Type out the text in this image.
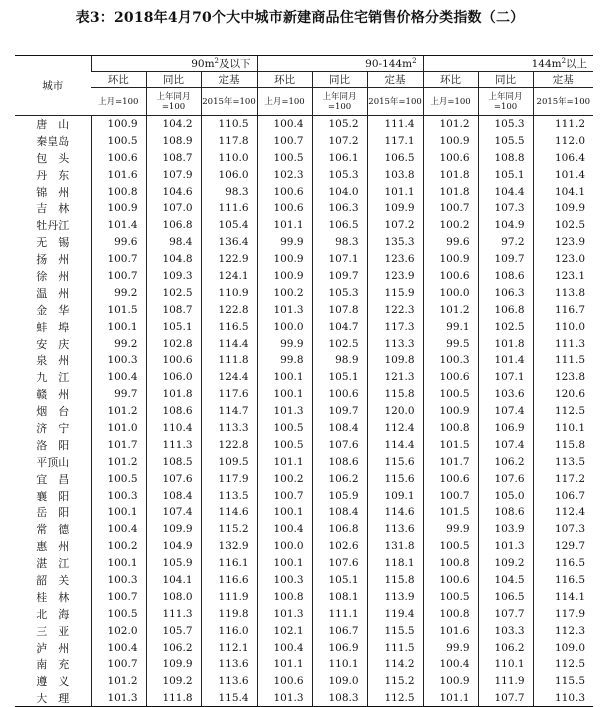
表3：2018年4月70个大中城市新建商品住宅销售价格分类指数（二）
城市	$90m^2$及以下			$90-144m^2$			$144m^2$以上		
	环比	同比	定基	环比	同比	定基	环比	同比	定基
	上月=100	上年同月=100	2015年=100	上月=100	上年同月=100	2015年=100	上月=100	上年同月=100	2015年=100
唐　山	100.9	104.2	110.5	100.4	105.2	111.4	101.2	105.3	111.2
秦皇岛	100.5	108.9	117.8	100.7	107.2	117.1	100.9	105.5	112.0
包　头	100.6	108.7	110.0	100.5	106.1	106.5	100.6	108.8	106.4
丹　东	101.6	107.9	106.0	102.3	105.3	103.8	101.8	105.1	101.4
锦　州	100.8	104.6	98.3	100.6	104.0	101.1	101.8	104.4	104.1
吉　林	100.9	107.0	111.6	100.6	106.3	109.9	100.7	107.3	109.9
牡丹江	101.4	106.8	105.4	101.1	106.5	107.2	100.2	104.9	102.5
无　锡	99.6	98.4	136.4	99.9	98.3	135.3	99.6	97.2	123.9
扬　州	100.7	104.8	122.9	100.9	107.1	123.6	100.9	109.7	123.0
徐　州	100.7	109.3	124.1	100.9	109.7	123.9	100.6	108.6	123.1
温　州	99.2	102.5	110.9	100.2	105.3	115.9	100.0	106.3	113.8
金　华	101.5	108.7	122.8	101.3	107.8	122.3	101.2	106.8	116.7
蚌　埠	100.1	105.1	116.5	100.0	104.7	117.3	99.1	102.5	110.0
安　庆	99.2	102.8	114.4	99.9	102.5	113.3	99.5	101.8	111.3
泉　州	100.3	100.6	111.8	99.8	98.9	109.8	100.3	101.4	111.5
九　江	100.4	106.0	124.4	100.1	105.1	121.3	100.6	107.1	123.8
赣　州	99.7	101.8	117.6	100.1	100.6	115.8	100.5	103.6	120.6
烟　台	101.2	108.6	114.7	101.3	109.7	120.0	100.9	107.4	112.5
济　宁	101.0	110.4	113.3	100.5	108.4	112.4	100.8	106.9	110.1
洛　阳	101.7	111.3	122.8	100.5	107.6	114.4	101.5	107.4	115.8
平顶山	101.2	108.5	109.5	101.1	108.6	115.6	101.7	106.2	113.5
宜　昌	100.5	107.6	117.9	100.2	106.2	115.6	100.6	107.6	117.2
襄　阳	100.3	108.4	113.5	100.7	105.9	109.1	100.7	105.0	106.7
岳　阳	100.1	107.4	114.6	100.1	108.4	114.6	101.5	108.6	112.4
常　德	100.4	109.9	115.2	100.4	106.8	113.6	99.9	103.9	107.3
惠　州	100.2	104.9	132.9	100.0	102.6	131.8	100.5	101.3	129.7
湛　江	100.1	105.9	116.1	100.1	107.6	118.1	100.8	109.2	116.5
韶　关	100.3	104.1	116.6	100.3	105.1	115.8	100.6	104.5	116.5
桂　林	100.7	108.0	111.9	100.8	108.1	113.9	100.5	106.5	114.1
北　海	100.5	111.3	119.8	101.3	111.1	119.4	100.8	107.7	117.9
三　亚	102.0	105.7	116.0	102.1	106.7	115.5	101.6	103.3	112.3
泸　州	100.4	106.2	112.1	100.4	106.9	111.5	99.9	106.2	109.0
南　充	100.7	109.9	113.6	101.1	110.1	114.2	100.4	110.1	112.5
遵　义	101.2	109.2	113.6	100.6	109.0	115.2	100.9	111.9	115.5
大　理	101.3	111.8	115.4	101.3	108.3	112.5	101.1	107.7	110.3
